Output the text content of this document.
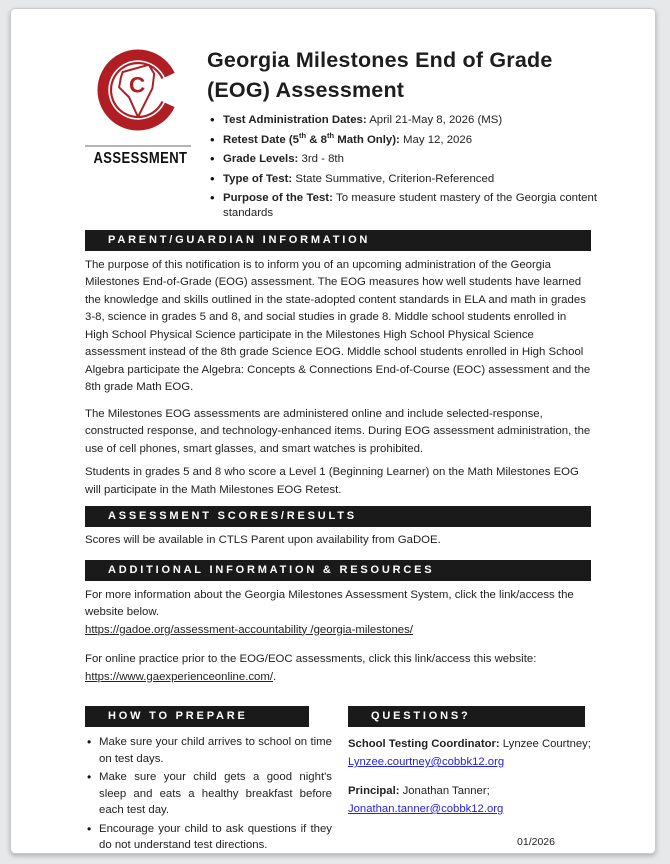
C
ASSESSMENT
Georgia Milestones End of Grade
(EOG) Assessment
• Test Administration Dates: April 21-May 8, 2026 (MS)
• Retest Date (5th & 8th Math Only): May 12, 2026
• Grade Levels: 3rd - 8th
• Type of Test: State Summative, Criterion-Referenced
• Purpose of the Test: To measure student mastery of the Georgia content standards
PARENT/GUARDIAN INFORMATION

The purpose of this notification is to inform you of an upcoming administration of the Georgia Milestones End-of-Grade (EOG) assessment. The EOG measures how well students have learned the knowledge and skills outlined in the state-adopted content standards in ELA and math in grades 3-8, science in grades 5 and 8, and social studies in grade 8. Middle school students enrolled in High School Physical Science participate in the Milestones High School Physical Science assessment instead of the 8th grade Science EOG. Middle school students enrolled in High School Algebra participate the Algebra: Concepts & Connections End-of-Course (EOC) assessment and the 8th grade Math EOG.

The Milestones EOG assessments are administered online and include selected-response, constructed response, and technology-enhanced items. During EOG assessment administration, the use of cell phones, smart glasses, and smart watches is prohibited.

Students in grades 5 and 8 who score a Level 1 (Beginning Learner) on the Math Milestones EOG will participate in the Math Milestones EOG Retest.

ASSESSMENT SCORES/RESULTS

Scores will be available in CTLS Parent upon availability from GaDOE.

ADDITIONAL INFORMATION & RESOURCES

For more information about the Georgia Milestones Assessment System, click the link/access the website below.
https://gadoe.org/assessment-accountability /georgia-milestones/

For online practice prior to the EOG/EOC assessments, click this link/access this website:
https://www.gaexperienceonline.com/.

HOW TO PREPARE
• Make sure your child arrives to school on time on test days.
• Make sure your child gets a good night's sleep and eats a healthy breakfast before each test day.
• Encourage your child to ask questions if they do not understand test directions.
QUESTIONS?

School Testing Coordinator: Lynzee Courtney;
Lynzee.courtney@cobbk12.org

Principal: Jonathan Tanner;
Jonathan.tanner@cobbk12.org

01/2026
